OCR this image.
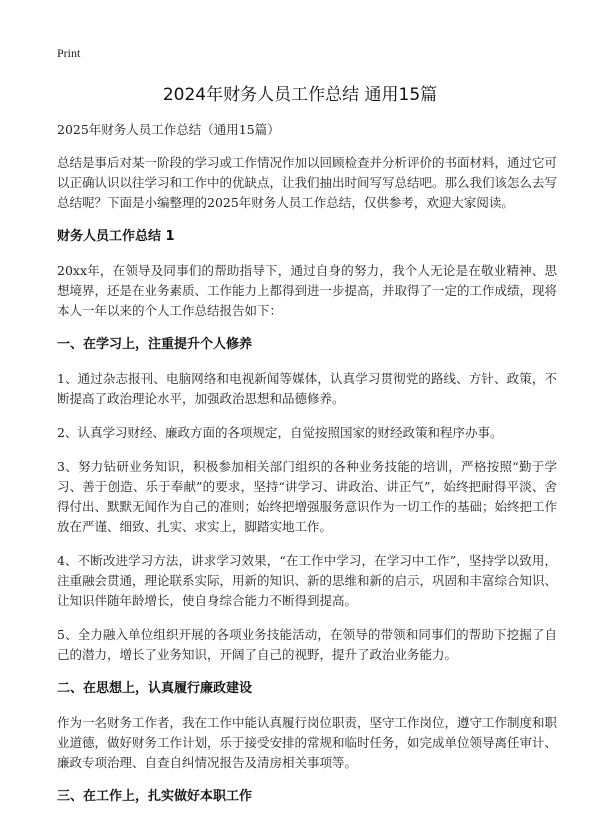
Print
2024年财务人员工作总结 通用15篇

2025年财务人员工作总结（通用15篇）

总结是事后对某一阶段的学习或工作情况作加以回顾检查并分析评价的书面材料，通过它可以正确认识以往学习和工作中的优缺点，让我们抽出时间写写总结吧。那么我们该怎么去写总结呢？下面是小编整理的2025年财务人员工作总结，仅供参考，欢迎大家阅读。

财务人员工作总结 1

20xx年，在领导及同事们的帮助指导下，通过自身的努力，我个人无论是在敬业精神、思想境界，还是在业务素质、工作能力上都得到进一步提高，并取得了一定的工作成绩，现将本人一年以来的个人工作总结报告如下：

一、在学习上，注重提升个人修养

1、通过杂志报刊、电脑网络和电视新闻等媒体，认真学习贯彻党的路线、方针、政策，不断提高了政治理论水平，加强政治思想和品德修养。

2、认真学习财经、廉政方面的各项规定，自觉按照国家的财经政策和程序办事。

3、努力钻研业务知识，积极参加相关部门组织的各种业务技能的培训，严格按照“勤于学习、善于创造、乐于奉献”的要求，坚持“讲学习、讲政治、讲正气”，始终把耐得平淡、舍得付出、默默无闻作为自己的准则；始终把增强服务意识作为一切工作的基础；始终把工作放在严谨、细致、扎实、求实上，脚踏实地工作。

4、不断改进学习方法，讲求学习效果，“在工作中学习，在学习中工作”，坚持学以致用，注重融会贯通，理论联系实际，用新的知识、新的思维和新的启示，巩固和丰富综合知识、让知识伴随年龄增长，使自身综合能力不断得到提高。

5、全力融入单位组织开展的各项业务技能活动，在领导的带领和同事们的帮助下挖掘了自己的潜力，增长了业务知识，开阔了自己的视野，提升了政治业务能力。

二、在思想上，认真履行廉政建设

作为一名财务工作者，我在工作中能认真履行岗位职责，坚守工作岗位，遵守工作制度和职业道德，做好财务工作计划，乐于接受安排的常规和临时任务，如完成单位领导离任审计、廉政专项治理、自查自纠情况报告及清房相关事项等。

三、在工作上，扎实做好本职工作
